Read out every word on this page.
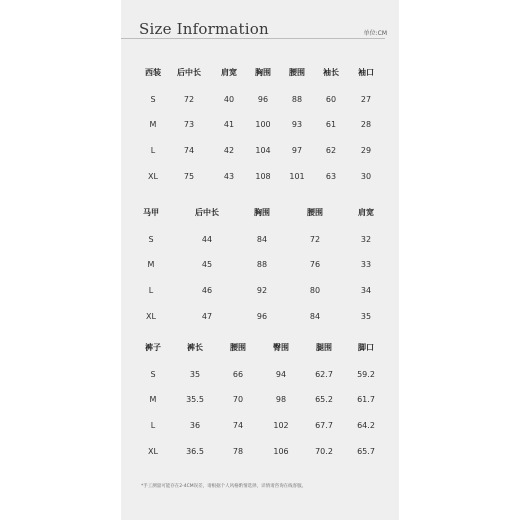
Size Information	单位:CM
西装	后中长	肩宽	胸围	腰围	袖长	袖口
S	72	40	96	88	60	27
M	73	41	100	93	61	28
L	74	42	104	97	62	29
XL	75	43	108	101	63	30
马甲	后中长	胸围	腰围	肩宽
S	44	84	72	32
M	45	88	76	33
L	46	92	80	34
XL	47	96	84	35
裤子	裤长	腰围	臀围	腿围	脚口
S	35	66	94	62.7	59.2
M	35.5	70	98	65.2	61.7
L	36	74	102	67.7	64.2
XL	36.5	78	106	70.2	65.7
*手工测量可能存在2-4CM误差，请根据个人风格酌情选择，详情请咨询在线客服。
